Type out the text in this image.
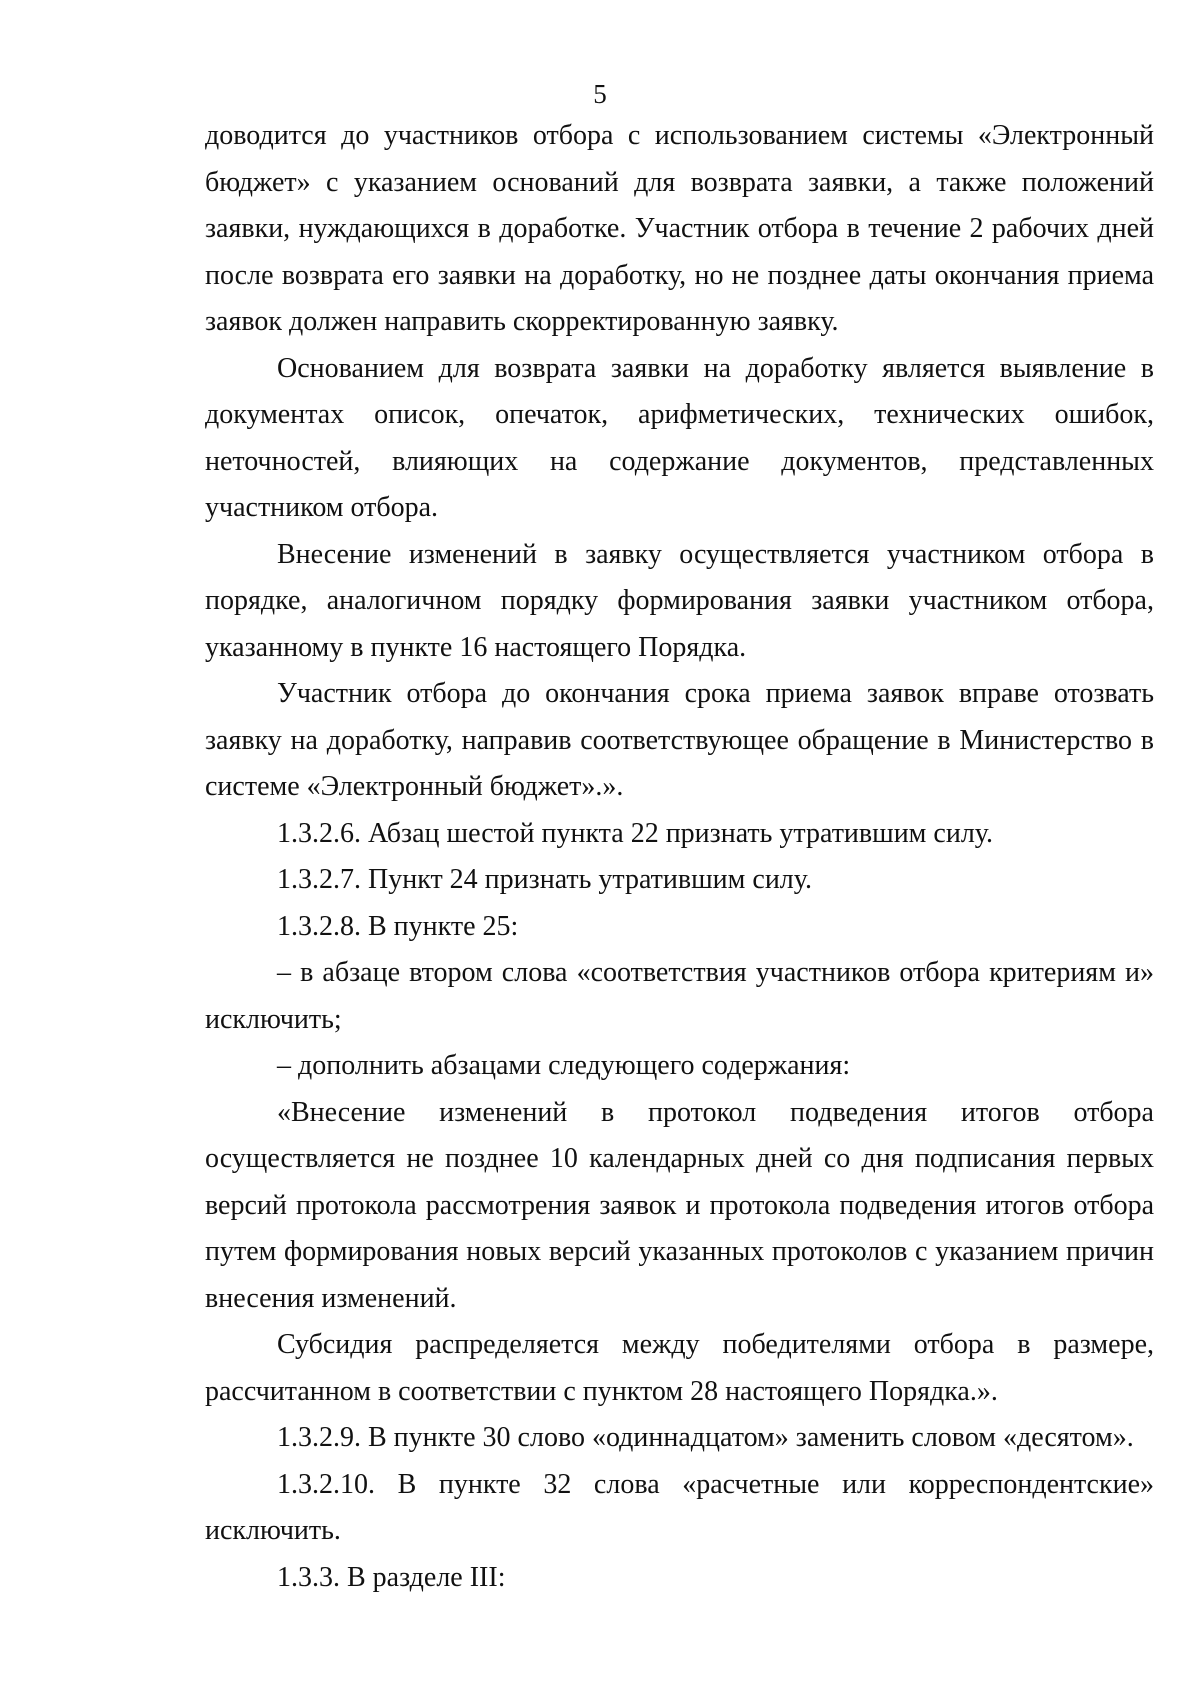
5
доводится до участников отбора с использованием системы «Электронный
бюджет» с указанием оснований для возврата заявки, а также положений
заявки, нуждающихся в доработке. Участник отбора в течение 2 рабочих дней
после возврата его заявки на доработку, но не позднее даты окончания приема
заявок должен направить скорректированную заявку.
Основанием для возврата заявки на доработку является выявление в
документах описок, опечаток, арифметических, технических ошибок,
неточностей, влияющих на содержание документов, представленных
участником отбора.
Внесение изменений в заявку осуществляется участником отбора в
порядке, аналогичном порядку формирования заявки участником отбора,
указанному в пункте 16 настоящего Порядка.
Участник отбора до окончания срока приема заявок вправе отозвать
заявку на доработку, направив соответствующее обращение в Министерство в
системе «Электронный бюджет».».
1.3.2.6. Абзац шестой пункта 22 признать утратившим силу.
1.3.2.7. Пункт 24 признать утратившим силу.
1.3.2.8. В пункте 25:
– в абзаце втором слова «соответствия участников отбора критериям и»
исключить;
– дополнить абзацами следующего содержания:
«Внесение изменений в протокол подведения итогов отбора
осуществляется не позднее 10 календарных дней со дня подписания первых
версий протокола рассмотрения заявок и протокола подведения итогов отбора
путем формирования новых версий указанных протоколов с указанием причин
внесения изменений.
Субсидия распределяется между победителями отбора в размере,
рассчитанном в соответствии с пунктом 28 настоящего Порядка.».
1.3.2.9. В пункте 30 слово «одиннадцатом» заменить словом «десятом».
1.3.2.10. В пункте 32 слова «расчетные или корреспондентские»
исключить.
1.3.3. В разделе III:
